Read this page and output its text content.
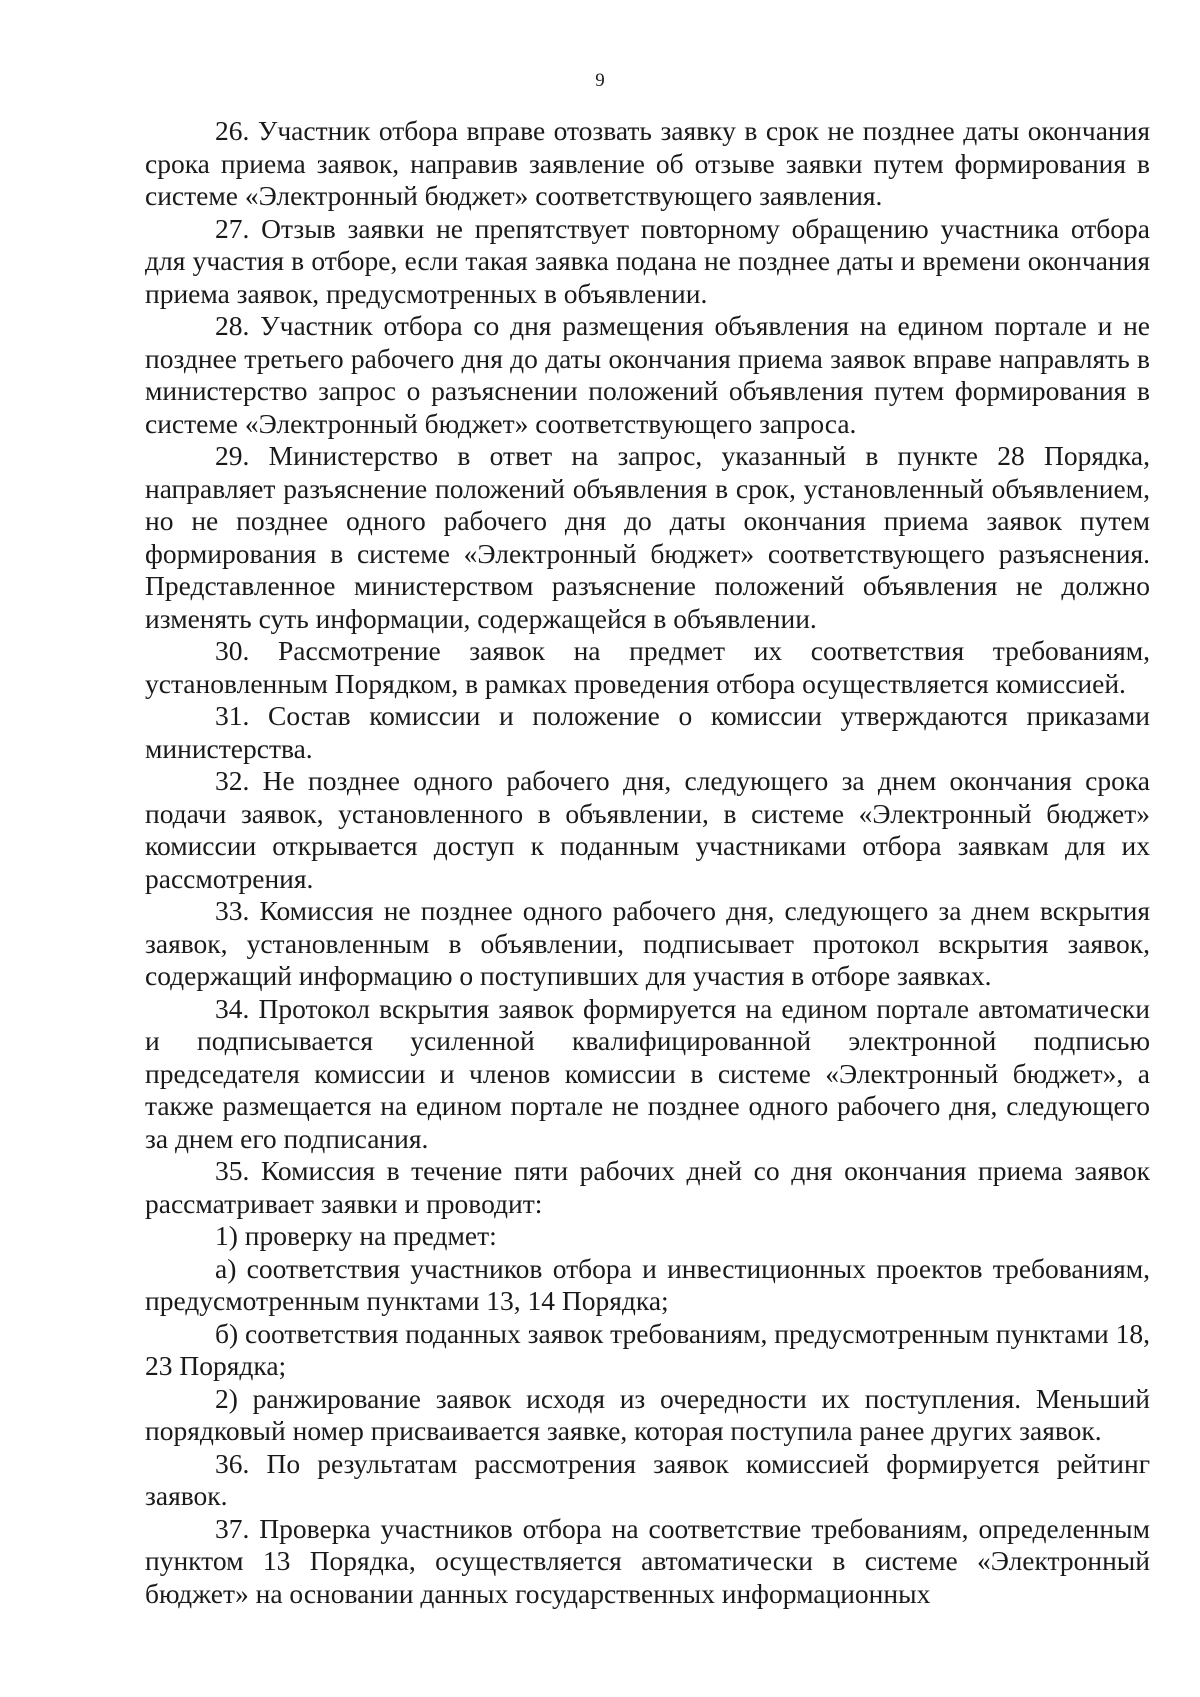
9

26. Участник отбора вправе отозвать заявку в срок не позднее даты окончания срока приема заявок, направив заявление об отзыве заявки путем формирования в системе «Электронный бюджет» соответствующего заявления.

27. Отзыв заявки не препятствует повторному обращению участника отбора для участия в отборе, если такая заявка подана не позднее даты и времени окончания приема заявок, предусмотренных в объявлении.

28. Участник отбора со дня размещения объявления на едином портале и не позднее третьего рабочего дня до даты окончания приема заявок вправе направлять в министерство запрос о разъяснении положений объявления путем формирования в системе «Электронный бюджет» соответствующего запроса.

29. Министерство в ответ на запрос, указанный в пункте 28 Порядка, направляет разъяснение положений объявления в срок, установленный объявлением, но не позднее одного рабочего дня до даты окончания приема заявок путем формирования в системе «Электронный бюджет» соответствующего разъяснения. Представленное министерством разъяснение положений объявления не должно изменять суть информации, содержащейся в объявлении.

30. Рассмотрение заявок на предмет их соответствия требованиям, установленным Порядком, в рамках проведения отбора осуществляется комиссией.

31. Состав комиссии и положение о комиссии утверждаются приказами министерства.

32. Не позднее одного рабочего дня, следующего за днем окончания срока подачи заявок, установленного в объявлении, в системе «Электронный бюджет» комиссии открывается доступ к поданным участниками отбора заявкам для их рассмотрения.

33. Комиссия не позднее одного рабочего дня, следующего за днем вскрытия заявок, установленным в объявлении, подписывает протокол вскрытия заявок, содержащий информацию о поступивших для участия в отборе заявках.

34. Протокол вскрытия заявок формируется на едином портале автоматически и подписывается усиленной квалифицированной электронной подписью председателя комиссии и членов комиссии в системе «Электронный бюджет», а также размещается на едином портале не позднее одного рабочего дня, следующего за днем его подписания.

35. Комиссия в течение пяти рабочих дней со дня окончания приема заявок рассматривает заявки и проводит:

1) проверку на предмет:

а) соответствия участников отбора и инвестиционных проектов требованиям, предусмотренным пунктами 13, 14 Порядка;

б) соответствия поданных заявок требованиям, предусмотренным пунктами 18, 23 Порядка;

2) ранжирование заявок исходя из очередности их поступления. Меньший порядковый номер присваивается заявке, которая поступила ранее других заявок.

36. По результатам рассмотрения заявок комиссией формируется рейтинг заявок.

37. Проверка участников отбора на соответствие требованиям, определенным пунктом 13 Порядка, осуществляется автоматически в системе «Электронный бюджет» на основании данных государственных информационных
